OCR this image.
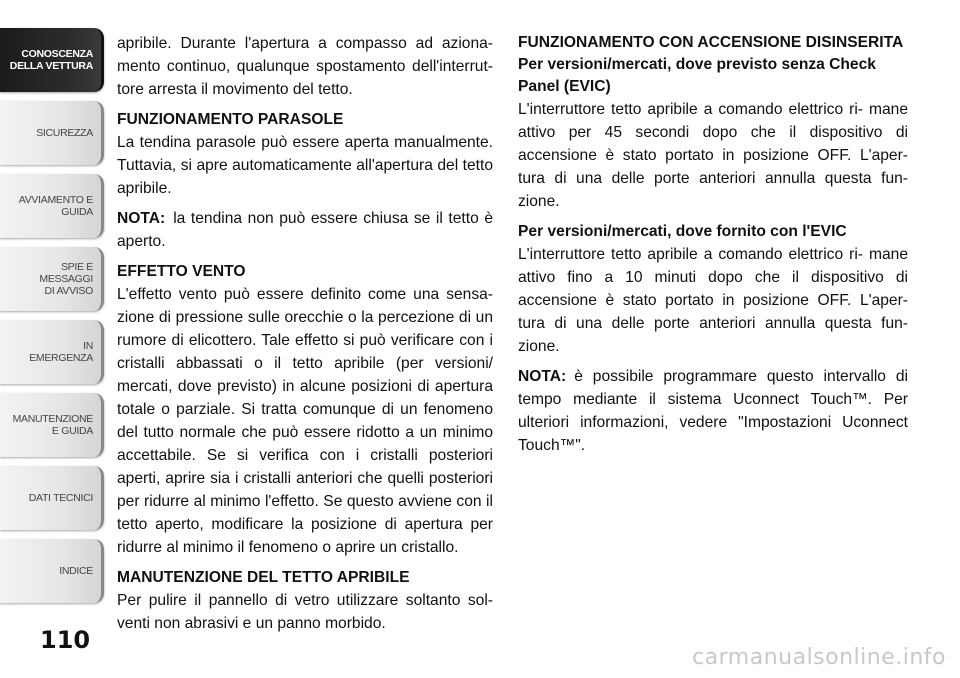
CONOSCENZA
DELLA VETTURA
SICUREZZA
AVVIAMENTO E
GUIDA
SPIE E
MESSAGGI
DI AVVISO
IN
EMERGENZA
MANUTENZIONE
E GUIDA
DATI TECNICI
INDICE
110

apribile. Durante l'apertura a compasso ad aziona- mento continuo, qualunque spostamento dell'interrut- tore arresta il movimento del tetto.

FUNZIONAMENTO PARASOLE

La tendina parasole può essere aperta manualmente. Tuttavia, si apre automaticamente all'apertura del tetto apribile.

NOTA: la tendina non può essere chiusa se il tetto è aperto.

EFFETTO VENTO

L'effetto vento può essere definito come una sensa- zione di pressione sulle orecchie o la percezione di un rumore di elicottero. Tale effetto si può verificare con i cristalli abbassati o il tetto apribile (per versioni/ mercati, dove previsto) in alcune posizioni di apertura totale o parziale. Si tratta comunque di un fenomeno del tutto normale che può essere ridotto a un minimo accettabile. Se si verifica con i cristalli posteriori aperti, aprire sia i cristalli anteriori che quelli posteriori per ridurre al minimo l'effetto. Se questo avviene con il tetto aperto, modificare la posizione di apertura per ridurre al minimo il fenomeno o aprire un cristallo.

MANUTENZIONE DEL TETTO APRIBILE

Per pulire il pannello di vetro utilizzare soltanto sol- venti non abrasivi e un panno morbido.

FUNZIONAMENTO CON ACCENSIONE DISINSERITA
Per versioni/mercati, dove previsto senza Check Panel (EVIC)

L'interruttore tetto apribile a comando elettrico ri- mane attivo per 45 secondi dopo che il dispositivo di accensione è stato portato in posizione OFF. L'aper- tura di una delle porte anteriori annulla questa fun- zione.

Per versioni/mercati, dove fornito con l'EVIC

L'interruttore tetto apribile a comando elettrico ri- mane attivo fino a 10 minuti dopo che il dispositivo di accensione è stato portato in posizione OFF. L'aper- tura di una delle porte anteriori annulla questa fun- zione.

NOTA: è possibile programmare questo intervallo di tempo mediante il sistema Uconnect Touch™. Per ulteriori informazioni, vedere "Impostazioni Uconnect Touch™".

carmanualsonline.info
